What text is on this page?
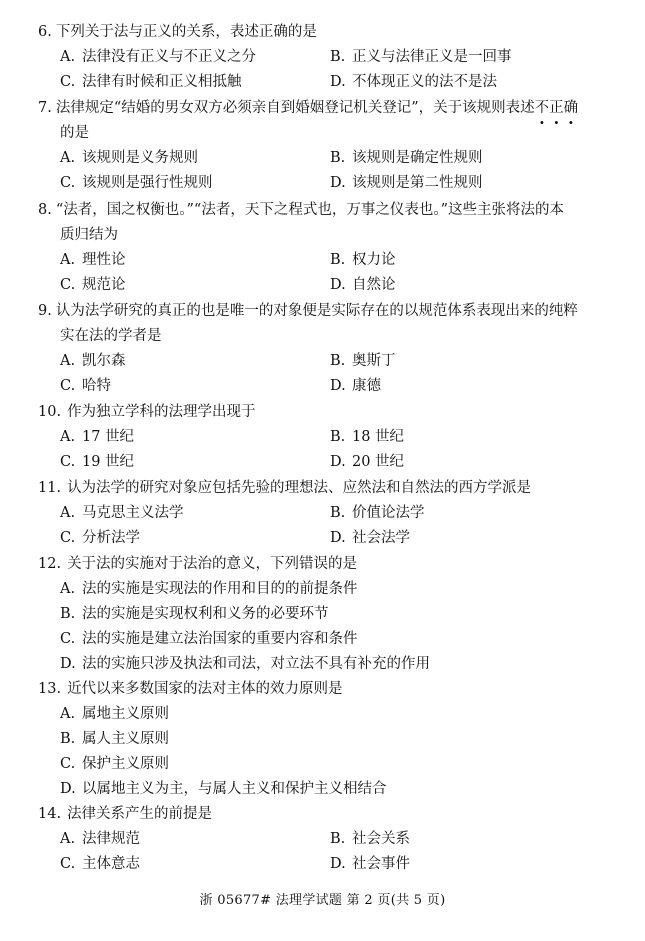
6. 下列关于法与正义的关系，表述正确的是
A. 法律没有正义与不正义之分	B. 正义与法律正义是一回事
C. 法律有时候和正义相抵触	D. 不体现正义的法不是法
7. 法律规定“结婚的男女双方必须亲自到婚姻登记机关登记”，关于该规则表述不正确
的是
A. 该规则是义务规则	B. 该规则是确定性规则
C. 该规则是强行性规则	D. 该规则是第二性规则
8. “法者，国之权衡也。”“法者，天下之程式也，万事之仪表也。”这些主张将法的本
质归结为
A. 理性论	B. 权力论
C. 规范论	D. 自然论
9. 认为法学研究的真正的也是唯一的对象便是实际存在的以规范体系表现出来的纯粹
实在法的学者是
A. 凯尔森	B. 奥斯丁
C. 哈特	D. 康德
10. 作为独立学科的法理学出现于
A. 17 世纪	B. 18 世纪
C. 19 世纪	D. 20 世纪
11. 认为法学的研究对象应包括先验的理想法、应然法和自然法的西方学派是
A. 马克思主义法学	B. 价值论法学
C. 分析法学	D. 社会法学
12. 关于法的实施对于法治的意义，下列错误的是
A. 法的实施是实现法的作用和目的的前提条件
B. 法的实施是实现权利和义务的必要环节
C. 法的实施是建立法治国家的重要内容和条件
D. 法的实施只涉及执法和司法，对立法不具有补充的作用
13. 近代以来多数国家的法对主体的效力原则是
A. 属地主义原则
B. 属人主义原则
C. 保护主义原则
D. 以属地主义为主，与属人主义和保护主义相结合
14. 法律关系产生的前提是
A. 法律规范	B. 社会关系
C. 主体意志	D. 社会事件
浙 05677# 法理学试题 第 2 页(共 5 页)
